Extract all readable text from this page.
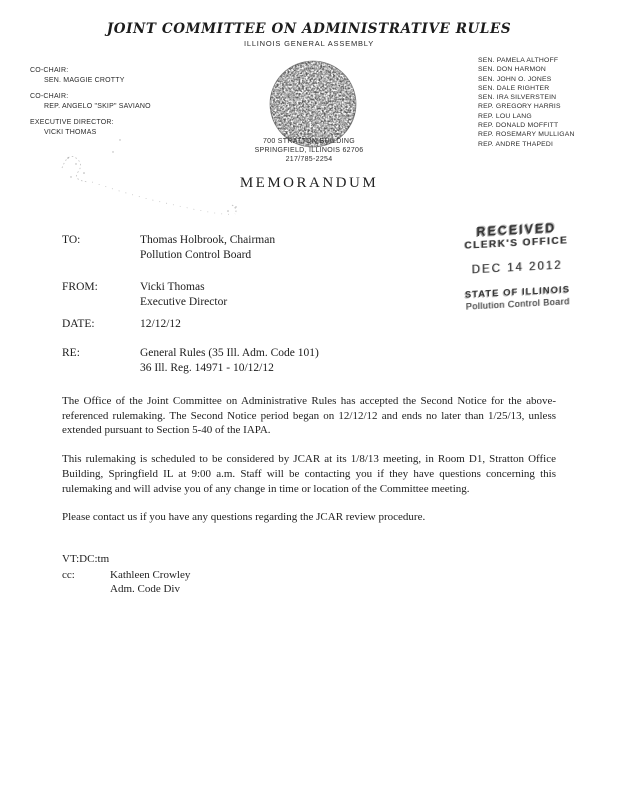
JOINT COMMITTEE ON ADMINISTRATIVE RULES
ILLINOIS GENERAL ASSEMBLY
CO-CHAIR:
SEN. MAGGIE CROTTY
CO-CHAIR:
REP. ANGELO "SKIP" SAVIANO
EXECUTIVE DIRECTOR:
VICKI THOMAS
SEN. PAMELA ALTHOFF
SEN. DON HARMON
SEN. JOHN O. JONES
SEN. DALE RIGHTER
SEN. IRA SILVERSTEIN
REP. GREGORY HARRIS
REP. LOU LANG
REP. DONALD MOFFITT
REP. ROSEMARY MULLIGAN
REP. ANDRE THAPEDI
700 STRATTON BUILDING
SPRINGFIELD, ILLINOIS 62706
217/785-2254
MEMORANDUM
RECEIVED
CLERK'S OFFICE
DEC 14 2012
STATE OF ILLINOIS
Pollution Control Board
TO:	Thomas Holbrook, Chairman
Pollution Control Board
FROM:	Vicki Thomas
Executive Director
DATE:	12/12/12
RE:	General Rules (35 Ill. Adm. Code 101)
36 Ill. Reg. 14971 - 10/12/12

The Office of the Joint Committee on Administrative Rules has accepted the Second Notice for the above-referenced rulemaking. The Second Notice period began on 12/12/12 and ends no later than 1/25/13, unless extended pursuant to Section 5-40 of the IAPA.

This rulemaking is scheduled to be considered by JCAR at its 1/8/13 meeting, in Room D1, Stratton Office Building, Springfield IL at 9:00 a.m. Staff will be contacting you if they have questions concerning this rulemaking and will advise you of any change in time or location of the Committee meeting.

Please contact us if you have any questions regarding the JCAR review procedure.

VT:DC:tm
cc:	Kathleen Crowley
Adm. Code Div
